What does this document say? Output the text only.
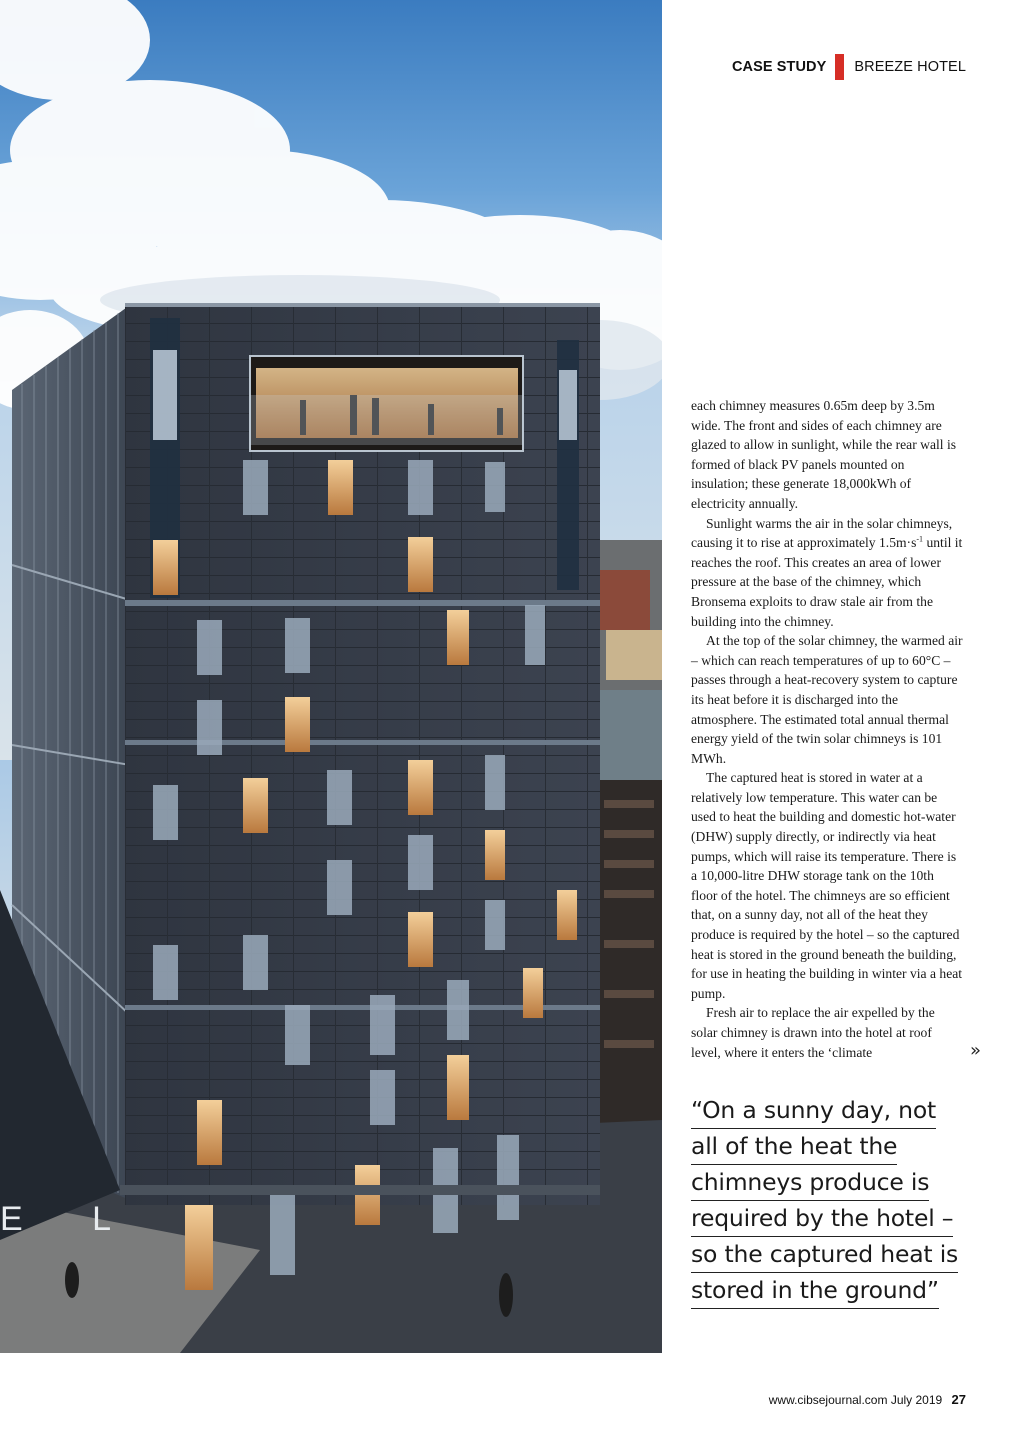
E L
CASE STUDY BREEZE HOTEL

each chimney measures 0.65m deep by 3.5m wide. The front and sides of each chimney are glazed to allow in sunlight, while the rear wall is formed of black PV panels mounted on insulation; these generate 18,000kWh of electricity annually.

Sunlight warms the air in the solar chimneys, causing it to rise at approximately $1.5m\cdot s^{-1}$ until it reaches the roof. This creates an area of lower pressure at the base of the chimney, which Bronsema exploits to draw stale air from the building into the chimney.

At the top of the solar chimney, the warmed air – which can reach temperatures of up to 60°C – passes through a heat-recovery system to capture its heat before it is discharged into the atmosphere. The estimated total annual thermal energy yield of the twin solar chimneys is 101 MWh.

The captured heat is stored in water at a relatively low temperature. This water can be used to heat the building and domestic hot-water (DHW) supply directly, or indirectly via heat pumps, which will raise its temperature. There is a 10,000-litre DHW storage tank on the 10th floor of the hotel. The chimneys are so efficient that, on a sunny day, not all of the heat they produce is required by the hotel – so the captured heat is stored in the ground beneath the building, for use in heating the building in winter via a heat pump.

Fresh air to replace the air expelled by the solar chimney is drawn into the hotel at roof level, where it enters the ‘climate	»
“On a sunny day, not
all of the heat the
chimneys produce is
required by the hotel –
so the captured heat is
stored in the ground”
www.cibsejournal.com July 2019 27
